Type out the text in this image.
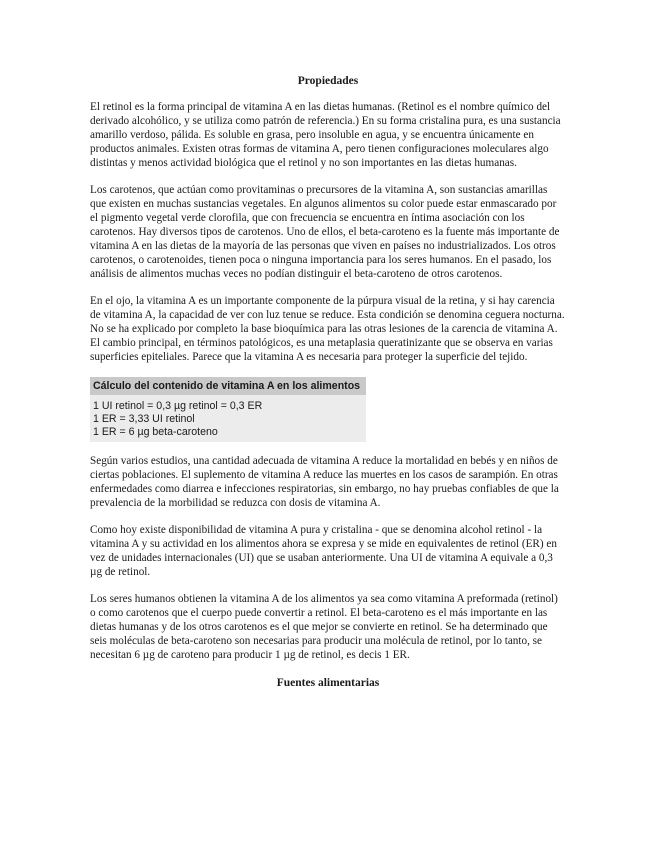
Propiedades

El retinol es la forma principal de vitamina A en las dietas humanas. (Retinol es el nombre químico del derivado alcohólico, y se utiliza como patrón de referencia.) En su forma cristalina pura, es una sustancia amarillo verdoso, pálida. Es soluble en grasa, pero insoluble en agua, y se encuentra únicamente en productos animales. Existen otras formas de vitamina A, pero tienen configuraciones moleculares algo distintas y menos actividad biológica que el retinol y no son importantes en las dietas humanas.

Los carotenos, que actúan como provitaminas o precursores de la vitamina A, son sustancias amarillas que existen en muchas sustancias vegetales. En algunos alimentos su color puede estar enmascarado por el pigmento vegetal verde clorofila, que con frecuencia se encuentra en íntima asociación con los carotenos. Hay diversos tipos de carotenos. Uno de ellos, el beta-caroteno es la fuente más importante de vitamina A en las dietas de la mayoría de las personas que viven en países no industrializados. Los otros carotenos, o carotenoides, tienen poca o ninguna importancia para los seres humanos. En el pasado, los análisis de alimentos muchas veces no podían distinguir el beta-caroteno de otros carotenos.

En el ojo, la vitamina A es un importante componente de la púrpura visual de la retina, y si hay carencia de vitamina A, la capacidad de ver con luz tenue se reduce. Esta condición se denomina ceguera nocturna. No se ha explicado por completo la base bioquímica para las otras lesiones de la carencia de vitamina A. El cambio principal, en términos patológicos, es una metaplasia queratinizante que se observa en varias superficies epiteliales. Parece que la vitamina A es necesaria para proteger la superficie del tejido.

Cálculo del contenido de vitamina A en los alimentos
1 UI retinol = 0,3 µg retinol = 0,3 ER
1 ER = 3,33 UI retinol
1 ER = 6 µg beta-caroteno

Según varios estudios, una cantidad adecuada de vitamina A reduce la mortalidad en bebés y en niños de ciertas poblaciones. El suplemento de vitamina A reduce las muertes en los casos de sarampión. En otras enfermedades como diarrea e infecciones respiratorias, sin embargo, no hay pruebas confiables de que la prevalencia de la morbilidad se reduzca con dosis de vitamina A.

Como hoy existe disponibilidad de vitamina A pura y cristalina - que se denomina alcohol retinol - la vitamina A y su actividad en los alimentos ahora se expresa y se mide en equivalentes de retinol (ER) en vez de unidades internacionales (UI) que se usaban anteriormente. Una UI de vitamina A equivale a 0,3 µg de retinol.

Los seres humanos obtienen la vitamina A de los alimentos ya sea como vitamina A preformada (retinol) o como carotenos que el cuerpo puede convertir a retinol. El beta-caroteno es el más importante en las dietas humanas y de los otros carotenos es el que mejor se convierte en retinol. Se ha determinado que seis moléculas de beta-caroteno son necesarias para producir una molécula de retinol, por lo tanto, se necesitan 6 µg de caroteno para producir 1 µg de retinol, es decis 1 ER.

Fuentes alimentarias
